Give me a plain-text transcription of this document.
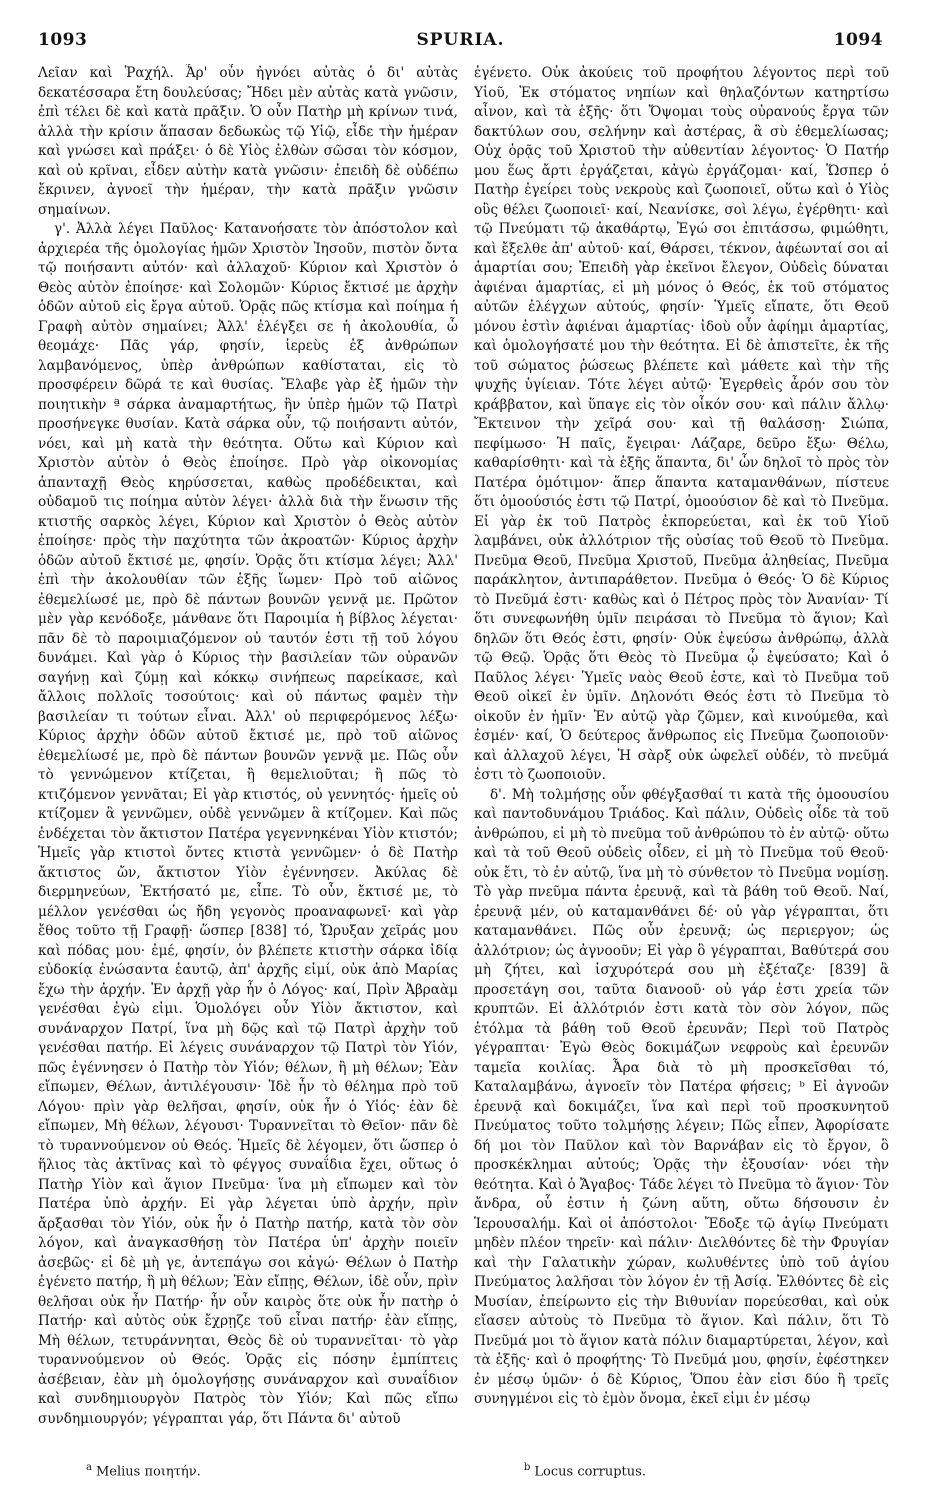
1093	SPURIA.	1094

Λεῖαν καὶ Ῥαχήλ. Ἆρ' οὖν ἠγνόει αὐτὰς ὁ δι' αὐτὰς δεκατέσσαρα ἔτη δουλεύσας; Ἤδει μὲν αὐτὰς κατὰ γνῶσιν, ἐπὶ τέλει δὲ καὶ κατὰ πρᾶξιν. Ὁ οὖν Πατὴρ μὴ κρίνων τινά, ἀλλὰ τὴν κρίσιν ἅπασαν δεδωκὼς τῷ Υἱῷ, εἶδε τὴν ἡμέραν καὶ γνώσει καὶ πράξει· ὁ δὲ Υἱὸς ἐλθὼν σῶσαι τὸν κόσμον, καὶ οὐ κρῖναι, εἶδεν αὐτὴν κατὰ γνῶσιν· ἐπειδὴ δὲ οὐδέπω ἔκρινεν, ἀγνοεῖ τὴν ἡμέραν, τὴν κατὰ πρᾶξιν γνῶσιν σημαίνων.

γ'. Ἀλλὰ λέγει Παῦλος· Κατανοήσατε τὸν ἀπόστολον καὶ ἀρχιερέα τῆς ὁμολογίας ἡμῶν Χριστὸν Ἰησοῦν, πιστὸν ὄντα τῷ ποιήσαντι αὐτόν· καὶ ἀλλαχοῦ· Κύριον καὶ Χριστὸν ὁ Θεὸς αὐτὸν ἐποίησε· καὶ Σολομῶν· Κύριος ἔκτισέ με ἀρχὴν ὁδῶν αὐτοῦ εἰς ἔργα αὐτοῦ. Ὁρᾷς πῶς κτίσμα καὶ ποίημα ἡ Γραφὴ αὐτὸν σημαίνει; Ἀλλ' ἐλέγξει σε ἡ ἀκολουθία, ὦ θεομάχε· Πᾶς γάρ, φησίν, ἱερεὺς ἐξ ἀνθρώπων λαμβανόμενος, ὑπὲρ ἀνθρώπων καθίσταται, εἰς τὸ προσφέρειν δῶρά τε καὶ θυσίας. Ἔλαβε γὰρ ἐξ ἡμῶν τὴν ποιητικὴν ª σάρκα ἀναμαρτήτως, ἣν ὑπὲρ ἡμῶν τῷ Πατρὶ προσήνεγκε θυσίαν. Κατὰ σάρκα οὖν, τῷ ποιήσαντι αὐτόν, νόει, καὶ μὴ κατὰ τὴν θεότητα. Οὕτω καὶ Κύριον καὶ Χριστὸν αὐτὸν ὁ Θεὸς ἐποίησε. Πρὸ γὰρ οἰκονομίας ἁπανταχῇ Θεὸς κηρύσσεται, καθὼς προδέδεικται, καὶ οὐδαμοῦ τις ποίημα αὐτὸν λέγει· ἀλλὰ διὰ τὴν ἕνωσιν τῆς κτιστῆς σαρκὸς λέγει, Κύριον καὶ Χριστὸν ὁ Θεὸς αὐτὸν ἐποίησε· πρὸς τὴν παχύτητα τῶν ἀκροατῶν· Κύριος ἀρχὴν ὁδῶν αὐτοῦ ἔκτισέ με, φησίν. Ὁρᾷς ὅτι κτίσμα λέγει; Ἀλλ' ἐπὶ τὴν ἀκολουθίαν τῶν ἑξῆς ἴωμεν· Πρὸ τοῦ αἰῶνος ἐθεμελίωσέ με, πρὸ δὲ πάντων βουνῶν γεννᾷ με. Πρῶτον μὲν γὰρ κενόδοξε, μάνθανε ὅτι Παροιμία ἡ βίβλος λέγεται· πᾶν δὲ τὸ παροιμιαζόμενον οὐ ταυτόν ἐστι τῇ τοῦ λόγου δυνάμει. Καὶ γὰρ ὁ Κύριος τὴν βασιλείαν τῶν οὐρανῶν σαγήνῃ καὶ ζύμῃ καὶ κόκκῳ σινήπεως παρείκασε, καὶ ἄλλοις πολλοῖς τοσούτοις· καὶ οὐ πάντως φαμὲν τὴν βασιλείαν τι τούτων εἶναι. Ἀλλ' οὐ περιφερόμενος λέξω· Κύριος ἀρχὴν ὁδῶν αὐτοῦ ἔκτισέ με, πρὸ τοῦ αἰῶνος ἐθεμελίωσέ με, πρὸ δὲ πάντων βουνῶν γεννᾷ με. Πῶς οὖν τὸ γεννώμενον κτίζεται, ἢ θεμελιοῦται; ἢ πῶς τὸ κτιζόμενον γεννᾶται; Εἰ γὰρ κτιστός, οὐ γεννητός· ἡμεῖς οὐ κτίζομεν ἃ γεννῶμεν, οὐδὲ γεννῶμεν ἃ κτίζομεν. Καὶ πῶς ἐνδέχεται τὸν ἄκτιστον Πατέρα γεγεννηκέναι Υἱὸν κτιστόν; Ἡμεῖς γὰρ κτιστοὶ ὄντες κτιστὰ γεννῶμεν· ὁ δὲ Πατὴρ ἄκτιστος ὤν, ἄκτιστον Υἱὸν ἐγέννησεν. Ἀκύλας δὲ διερμηνεύων, Ἐκτήσατό με, εἶπε. Τὸ οὖν, ἔκτισέ με, τὸ μέλλον γενέσθαι ὡς ἤδη γεγονὸς προαναφωνεῖ· καὶ γὰρ ἔθος τοῦτο τῇ Γραφῇ· ὥσπερ [838] τό, Ὤρυξαν χεῖράς μου καὶ πόδας μου· ἐμέ, φησίν, ὁν βλέπετε κτιστὴν σάρκα ἰδίᾳ εὐδοκίᾳ ἐνώσαντα ἑαυτῷ, ἀπ' ἀρχῆς εἰμί, οὐκ ἀπὸ Μαρίας ἔχω τὴν ἀρχήν. Ἐν ἀρχῇ γὰρ ἦν ὁ Λόγος· καί, Πρὶν Ἀβραὰμ γενέσθαι ἐγὼ εἰμι. Ὁμολόγει οὖν Υἱὸν ἄκτιστον, καὶ συνάναρχον Πατρί, ἵνα μὴ δῷς καὶ τῷ Πατρὶ ἀρχὴν τοῦ γενέσθαι πατήρ. Εἰ λέγεις συνάναρχον τῷ Πατρὶ τὸν Υἱόν, πῶς ἐγέννησεν ὁ Πατὴρ τὸν Υἱόν; θέλων, ἢ μὴ θέλων; Ἐὰν εἴπωμεν, Θέλων, ἀντιλέγουσιν· Ἰδὲ ἦν τὸ θέλημα πρὸ τοῦ Λόγου· πρὶν γὰρ θελῆσαι, φησίν, οὐκ ἦν ὁ Υἱός· ἐὰν δὲ εἴπωμεν, Μὴ θέλων, λέγουσι· Τυραννεῖται τὸ Θεῖον· πᾶν δὲ τὸ τυραννούμενον οὐ Θεός. Ἡμεῖς δὲ λέγομεν, ὅτι ὥσπερ ὁ ἥλιος τὰς ἀκτῖνας καὶ τὸ φέγγος συναΐδια ἔχει, οὕτως ὁ Πατὴρ Υἱὸν καὶ ἅγιον Πνεῦμα· ἵνα μὴ εἴπωμεν καὶ τὸν Πατέρα ὑπὸ ἀρχήν. Εἰ γὰρ λέγεται ὑπὸ ἀρχήν, πρὶν ἄρξασθαι τὸν Υἱόν, οὐκ ἦν ὁ Πατὴρ πατήρ, κατὰ τὸν σὸν λόγον, καὶ ἀναγκασθήσῃ τὸν Πατέρα ὑπ' ἀρχὴν ποιεῖν ἀσεβῶς· εἰ δὲ μὴ γε, ἀντεπάγω σοι κἀγώ· Θέλων ὁ Πατὴρ ἐγένετο πατήρ, ἢ μὴ θέλων; Ἐὰν εἴπῃς, Θέλων, ἰδὲ οὖν, πρὶν θελῆσαι οὐκ ἦν Πατήρ· ἦν οὖν καιρὸς ὅτε οὐκ ἦν πατὴρ ὁ Πατήρ· καὶ αὐτὸς οὐκ ἔχρῃζε τοῦ εἶναι πατήρ· ἐὰν εἴπῃς, Μὴ θέλων, τετυράννηται, Θεὸς δὲ οὐ τυραννεῖται· τὸ γὰρ τυραννούμενον οὐ Θεός. Ὁρᾷς εἰς πόσην ἐμπίπτεις ἀσέβειαν, ἐὰν μὴ ὁμολογήσῃς συνάναρχον καὶ συναΐδιον καὶ συνδημιουργὸν Πατρὸς τὸν Υἱόν; Καὶ πῶς εἴπω συνδημιουργόν; γέγραπται γάρ, ὅτι Πάντα δι' αὐτοῦ

ἐγένετο. Οὐκ ἀκούεις τοῦ προφήτου λέγοντος περὶ τοῦ Υἱοῦ, Ἐκ στόματος νηπίων καὶ θηλαζόντων κατηρτίσω αἶνον, καὶ τὰ ἑξῆς· ὅτι Ὄψομαι τοὺς οὐρανούς ἔργα τῶν δακτύλων σου, σελήνην καὶ ἀστέρας, ἃ σὺ ἐθεμελίωσας; Οὐχ ὁρᾷς τοῦ Χριστοῦ τὴν αὐθεντίαν λέγοντος· Ὁ Πατήρ μου ἕως ἄρτι ἐργάζεται, κἀγὼ ἐργάζομαι· καί, Ὥσπερ ὁ Πατὴρ ἐγείρει τοὺς νεκροὺς καὶ ζωοποιεῖ, οὕτω καὶ ὁ Υἱὸς οὓς θέλει ζωοποιεῖ· καί, Νεανίσκε, σοὶ λέγω, ἐγέρθητι· καὶ τῷ Πνεύματι τῷ ἀκαθάρτῳ, Ἐγώ σοι ἐπιτάσσω, φιμώθητι, καὶ ἔξελθε ἀπ' αὐτοῦ· καί, Θάρσει, τέκνον, ἀφέωνταί σοι αἱ ἁμαρτίαι σου; Ἐπειδὴ γὰρ ἐκεῖνοι ἔλεγον, Οὐδεὶς δύναται ἀφιέναι ἁμαρτίας, εἰ μὴ μόνος ὁ Θεός, ἐκ τοῦ στόματος αὐτῶν ἐλέγχων αὐτούς, φησίν· Ὑμεῖς εἴπατε, ὅτι Θεοῦ μόνου ἐστὶν ἀφιέναι ἁμαρτίας· ἰδοὺ οὖν ἀφίημι ἁμαρτίας, καὶ ὁμολογήσατέ μου τὴν θεότητα. Εἰ δὲ ἀπιστεῖτε, ἐκ τῆς τοῦ σώματος ῥώσεως βλέπετε καὶ μάθετε καὶ τὴν τῆς ψυχῆς ὑγίειαν. Τότε λέγει αὐτῷ· Ἐγερθεὶς ἆρόν σου τὸν κράββατον, καὶ ὕπαγε εἰς τὸν οἶκόν σου· καὶ πάλιν ἄλλῳ· Ἔκτεινον τὴν χεῖρά σου· καὶ τῇ θαλάσσῃ· Σιώπα, πεφίμωσο· Ἡ παῖς, ἔγειραι· Λάζαρε, δεῦρο ἔξω· Θέλω, καθαρίσθητι· καὶ τὰ ἑξῆς ἅπαντα, δι' ὧν δηλοῖ τὸ πρὸς τὸν Πατέρα ὁμότιμον· ἅπερ ἅπαντα καταμανθάνων, πίστευε ὅτι ὁμοούσιός ἐστι τῷ Πατρί, ὁμοούσιον δὲ καὶ τὸ Πνεῦμα. Εἰ γὰρ ἐκ τοῦ Πατρὸς ἐκπορεύεται, καὶ ἐκ τοῦ Υἱοῦ λαμβάνει, οὐκ ἀλλότριον τῆς οὐσίας τοῦ Θεοῦ τὸ Πνεῦμα. Πνεῦμα Θεοῦ, Πνεῦμα Χριστοῦ, Πνεῦμα ἀληθείας, Πνεῦμα παράκλητον, ἀντιπαράθετον. Πνεῦμα ὁ Θεός· Ὁ δὲ Κύριος τὸ Πνεῦμά ἐστι· καθὼς καὶ ὁ Πέτρος πρὸς τὸν Ἀνανίαν· Τί ὅτι συνεφωνήθη ὑμῖν πειράσαι τὸ Πνεῦμα τὸ ἅγιον; Καὶ δηλῶν ὅτι Θεός ἐστι, φησίν· Οὐκ ἐψεύσω ἀνθρώπῳ, ἀλλὰ τῷ Θεῷ. Ὁρᾷς ὅτι Θεὸς τὸ Πνεῦμα ᾧ ἐψεύσατο; Καὶ ὁ Παῦλος λέγει· Ὑμεῖς ναὸς Θεοῦ ἐστε, καὶ τὸ Πνεῦμα τοῦ Θεοῦ οἰκεῖ ἐν ὑμῖν. Δηλονότι Θεός ἐστι τὸ Πνεῦμα τὸ οἰκοῦν ἐν ἡμῖν· Ἐν αὐτῷ γὰρ ζῶμεν, καὶ κινούμεθα, καὶ ἐσμέν· καί, Ὁ δεύτερος ἄνθρωπος εἰς Πνεῦμα ζωοποιοῦν· καὶ ἀλλαχοῦ λέγει, Ἡ σὰρξ οὐκ ὠφελεῖ οὐδέν, τὸ πνεῦμά ἐστι τὸ ζωοποιοῦν.

δ'. Μὴ τολμήσῃς οὖν φθέγξασθαί τι κατὰ τῆς ὁμοουσίου καὶ παντοδυνάμου Τριάδος. Καὶ πάλιν, Οὐδεὶς οἶδε τὰ τοῦ ἀνθρώπου, εἰ μὴ τὸ πνεῦμα τοῦ ἀνθρώπου τὸ ἐν αὐτῷ· οὕτω καὶ τὰ τοῦ Θεοῦ οὐδεὶς οἶδεν, εἰ μὴ τὸ Πνεῦμα τοῦ Θεοῦ· οὐκ ἔτι, τὸ ἐν αὐτῷ, ἵνα μὴ τὸ σύνθετον τὸ Πνεῦμα νομίσῃ. Τὸ γὰρ πνεῦμα πάντα ἐρευνᾷ, καὶ τὰ βάθη τοῦ Θεοῦ. Ναί, ἐρευνᾷ μέν, οὐ καταμανθάνει δέ· οὐ γὰρ γέγραπται, ὅτι καταμανθάνει. Πῶς οὖν ἐρευνᾷ; ὡς περιεργον; ὡς ἀλλότριον; ὡς ἀγνοοῦν; Εἰ γὰρ ὃ γέγραπται, Βαθύτερά σου μὴ ζήτει, καὶ ἰσχυρότερά σου μὴ ἐξέταζε· [839] ἃ προσετάγη σοι, ταῦτα διανοοῦ· οὐ γάρ ἐστι χρεία τῶν κρυπτῶν. Εἰ ἀλλότριόν ἐστι κατὰ τὸν σὸν λόγον, πῶς ἐτόλμα τὰ βάθη τοῦ Θεοῦ ἐρευνᾶν; Περὶ τοῦ Πατρὸς γέγραπται· Ἐγὼ Θεὸς δοκιμάζων νεφροὺς καὶ ἐρευνῶν ταμεῖα κοιλίας. Ἆρα διὰ τὸ μὴ προσκεῖσθαι τό, Καταλαμβάνω, ἀγνοεῖν τὸν Πατέρα φήσεις; ᵇ Εἰ ἀγνοῶν ἐρευνᾷ καὶ δοκιμάζει, ἵνα καὶ περὶ τοῦ προσκυνητοῦ Πνεύματος τοῦτο τολμήσῃς λέγειν; Πῶς εἶπεν, Ἀφορίσατε δή μοι τὸν Παῦλον καὶ τὸν Βαρνάβαν εἰς τὸ ἔργον, ὃ προσκέκλημαι αὐτούς; Ὁρᾷς τὴν ἐξουσίαν· νόει τὴν θεότητα. Καὶ ὁ Ἄγαβος· Τάδε λέγει τὸ Πνεῦμα τὸ ἅγιον· Τὸν ἄνδρα, οὗ ἐστιν ἡ ζώνη αὕτη, οὕτω δήσουσιν ἐν Ἱερουσαλήμ. Καὶ οἱ ἀπόστολοι· Ἔδοξε τῷ ἁγίῳ Πνεύματι μηδὲν πλέον τηρεῖν· καὶ πάλιν· Διελθόντες δὲ τὴν Φρυγίαν καὶ τὴν Γαλατικὴν χώραν, κωλυθέντες ὑπὸ τοῦ ἁγίου Πνεύματος λαλῆσαι τὸν λόγον ἐν τῇ Ἀσίᾳ. Ἐλθόντες δὲ εἰς Μυσίαν, ἐπείρωντο εἰς τὴν Βιθυνίαν πορεύεσθαι, καὶ οὐκ εἴασεν αὐτοὺς τὸ Πνεῦμα τὸ ἅγιον. Καὶ πάλιν, ὅτι Τὸ Πνεῦμά μοι τὸ ἅγιον κατὰ πόλιν διαμαρτύρεται, λέγον, καὶ τὰ ἑξῆς· καὶ ὁ προφήτης· Τὸ Πνεῦμά μου, φησίν, ἐφέστηκεν ἐν μέσῳ ὑμῶν· ὁ δὲ Κύριος, Ὅπου ἐὰν εἰσι δύο ἢ τρεῖς συνηγμένοι εἰς τὸ ἐμὸν ὄνομα, ἐκεῖ εἰμι ἐν μέσῳ

$^a$ Melius ποιητήν.	$^b$ Locus corruptus.
